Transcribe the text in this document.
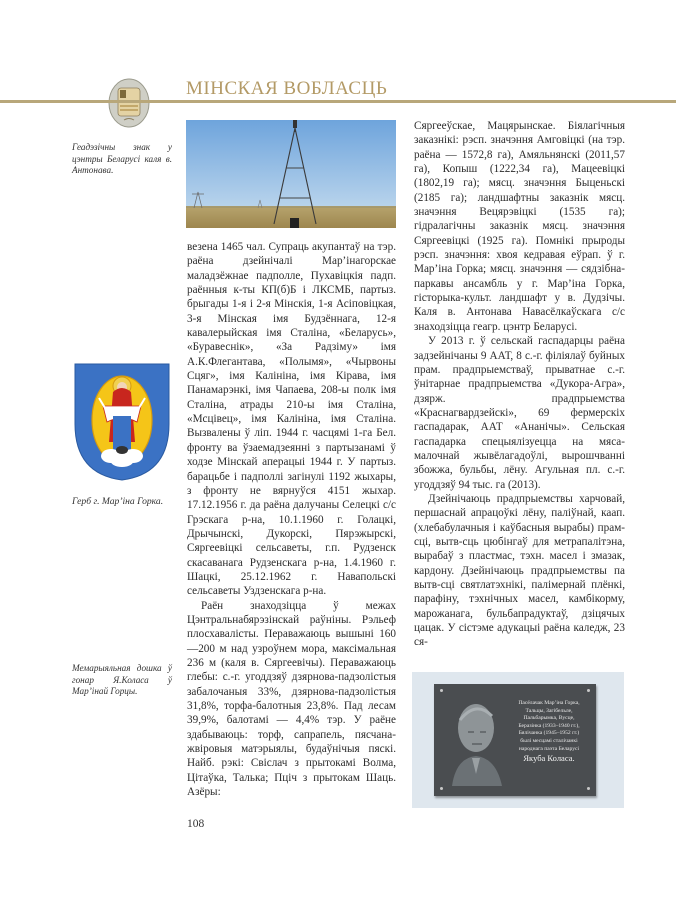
МІНСКАЯ ВОБЛАСЦЬ
Геадэзічны знак у цэнтры Беларусі каля в. Антонава.
Герб г. Мар’іна Горка.
Мемарыяльная дошка ў гонар Я.Коласа ў Мар’інай Горцы.

везена 1465 чал. Супраць акупантаў на тэр. раёна дзейнічалі Мар’інагорскае маладзёжнае падполле, Пухавіцкія падп. раённыя к-ты КП(б)Б і ЛКСМБ, партыз. брыгады 1-я і 2-я Мінскія, 1-я Асіповіцкая, 3-я Мінская імя Будзённага, 12-я кавалерыйская імя Сталіна, «Беларусь», «Буравеснік», «За Радзіму» імя А.К.Флегантава, «Полымя», «Чырвоны Сцяг», імя Калініна, імя Кірава, імя Панамарэнкі, імя Чапаева, 208-ы полк імя Сталіна, атрады 210-ы імя Сталіна, «Мсцівец», імя Калініна, імя Сталіна. Вызвалены ў ліп. 1944 г. часцямі 1-га Бел. фронту ва ўзаемадзеянні з партызанамі ў ходзе Мінскай аперацыі 1944 г. У партыз. барацьбе і падполлі загінулі 1192 жыхары, з фронту не вярнуўся 4151 жыхар. 17.12.1956 г. да раёна далучаны Селецкі с/с Грэскага р-на, 10.1.1960 г. Голацкі, Дрычынскі, Дукорскі, Пярэжырскі, Сяргеевіцкі сельсаветы, г.п. Рудзенск скасаванага Рудзенскага р-на, 1.4.1960 г. Шацкі, 25.12.1962 г. Навапольскі сельсаветы Уздзенскага р-на.

Раён знаходзіцца ў межах Цэнтральнабярэзінскай раўніны. Рэльеф плосхавалісты. Пераважаюць вышыні 160—200 м над узроўнем мора, максімальная 236 м (каля в. Сяргеевічы). Пераважаюць глебы: с.-г. угоддзяў дзярнова-падзолістыя забалочаныя 33%, дзярнова-падзолістыя 31,8%, торфа-балотныя 23,8%. Пад лесам 39,9%, балотамі — 4,4% тэр. У раёне здабываюць: торф, сапрапель, пясчана-жвіровыя матэрыялы, будаўнічыя пяскі. Найб. рэкі: Свіслач з прытокамі Волма, Цітаўка, Талька; Пціч з прытокам Шаць. Азёры:

Сяргееўскае, Мацярынскае. Біялагічныя заказнікі: рэсп. значэння Амговіцкі (на тэр. раёна — 1572,8 га), Амяльнянскі (2011,57 га), Копыш (1222,34 га), Мацеевіцкі (1802,19 га); мясц. значэння Быценьскі (2185 га); ландшафтны заказнік мясц. значэння Вецярэвіцкі (1535 га); гідралагічны заказнік мясц. значэння Сяргеевіцкі (1925 га). Помнікі прыроды рэсп. значэння: хвоя кедравая еўрап. ў г. Мар’іна Горка; мясц. значэння — сядзібна-паркавы ансамбль у г. Мар’іна Горка, гісторыка-культ. ландшафт у в. Дудзічы. Каля в. Антонава Навасёлкаўскага с/с знаходзіцца геагр. цэнтр Беларусі.

У 2013 г. ў сельскай гаспадарцы раёна задзейнічаны 9 ААТ, 8 с.-г. філіялаў буйных прам. прадпрыемстваў, прыватнае с.-г. ўнітарнае прадпрыемства «Дукора-Агра», дзярж. прадпрыемства «Краснагвардзейскі», 69 фермерскіх гаспадарак, ААТ «Ананічы». Сельская гаспадарка спецыялізуецца на мяса-малочнай жывёлагадоўлі, вырошчванні збожжа, бульбы, лёну. Агульная пл. с.-г. угоддзяў 94 тыс. га (2013).

Дзейнічаюць прадпрыемствы харчовай, першаснай апрацоўкі лёну, паліўнай, каап. (хлебабулачныя і каўбасныя вырабы) прам-сці, вытв-сць цюбінгаў для метрапалітэна, вырабаў з пластмас, тэхн. масел і змазак, кардону. Дзейнічаюць прадпрыемствы па вытв-сці святлатэхнікі, палімернай плёнкі, парафіну, тэхнічных масел, камбікорму, марожанага, бульбапрадуктаў, дзіцячых цацак. У сістэме адукацыі раёна каледж, 23 ся-

Пасёлачак Мар’іна Горка,
Тальцы, Загібельле,
Пальбарымка, Вусце,
Беразінка (1933–1940 гг.),
Бялічанка (1945–1952 гг.)
былі месцамі сталічанкі
народнага паэта Беларусі
Якуба Коласа.
108
